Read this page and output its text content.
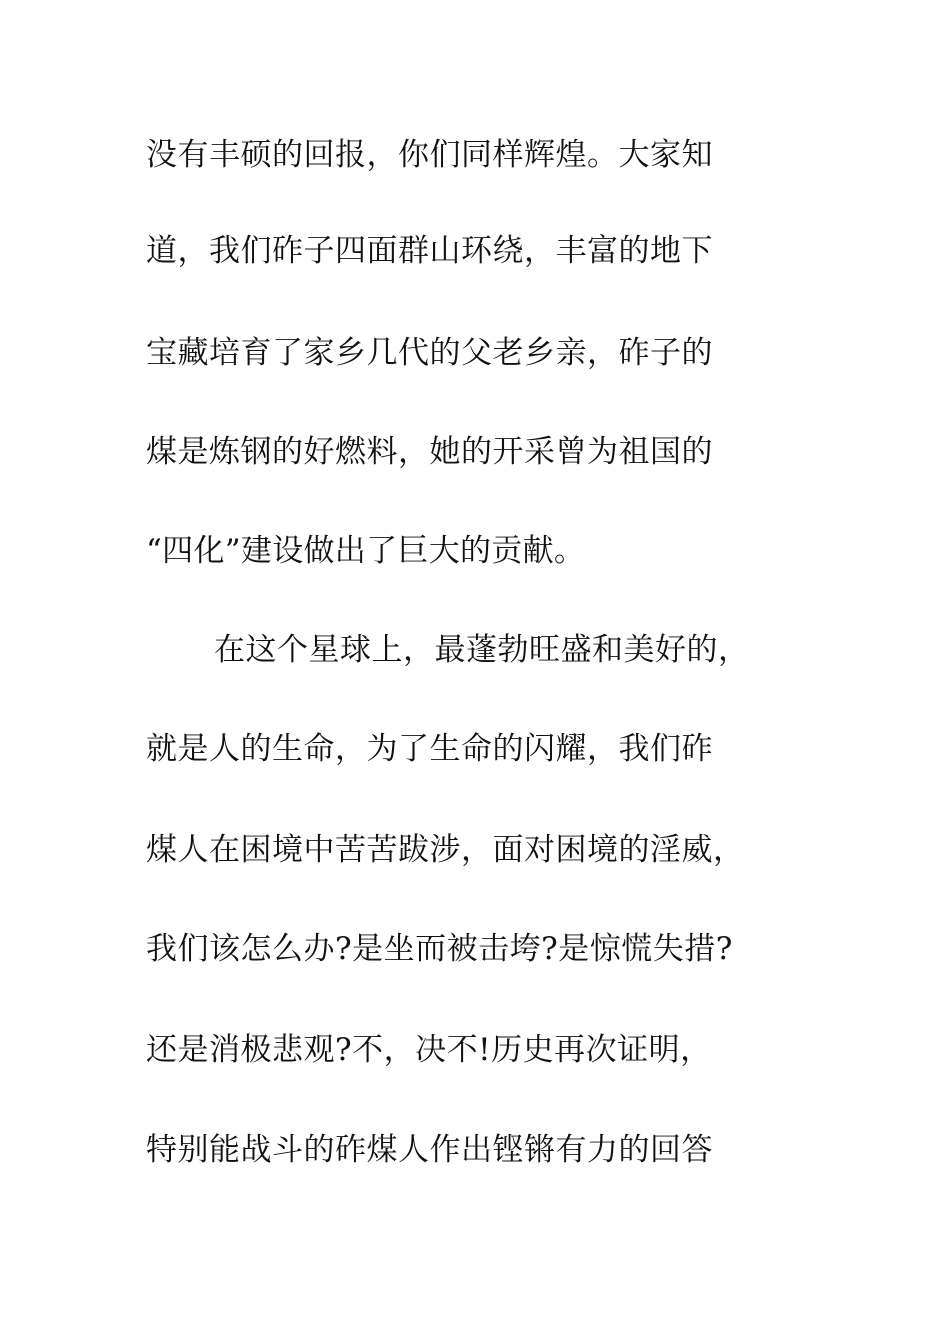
没有丰硕的回报，你们同样辉煌。大家知
道，我们砟子四面群山环绕，丰富的地下
宝藏培育了家乡几代的父老乡亲，砟子的
煤是炼钢的好燃料，她的开采曾为祖国的
“四化”建设做出了巨大的贡献。
在这个星球上，最蓬勃旺盛和美好的，
就是人的生命，为了生命的闪耀，我们砟
煤人在困境中苦苦跋涉，面对困境的淫威，
我们该怎么办?是坐而被击垮?是惊慌失措?
还是消极悲观?不，决不!历史再次证明，
特别能战斗的砟煤人作出铿锵有力的回答
